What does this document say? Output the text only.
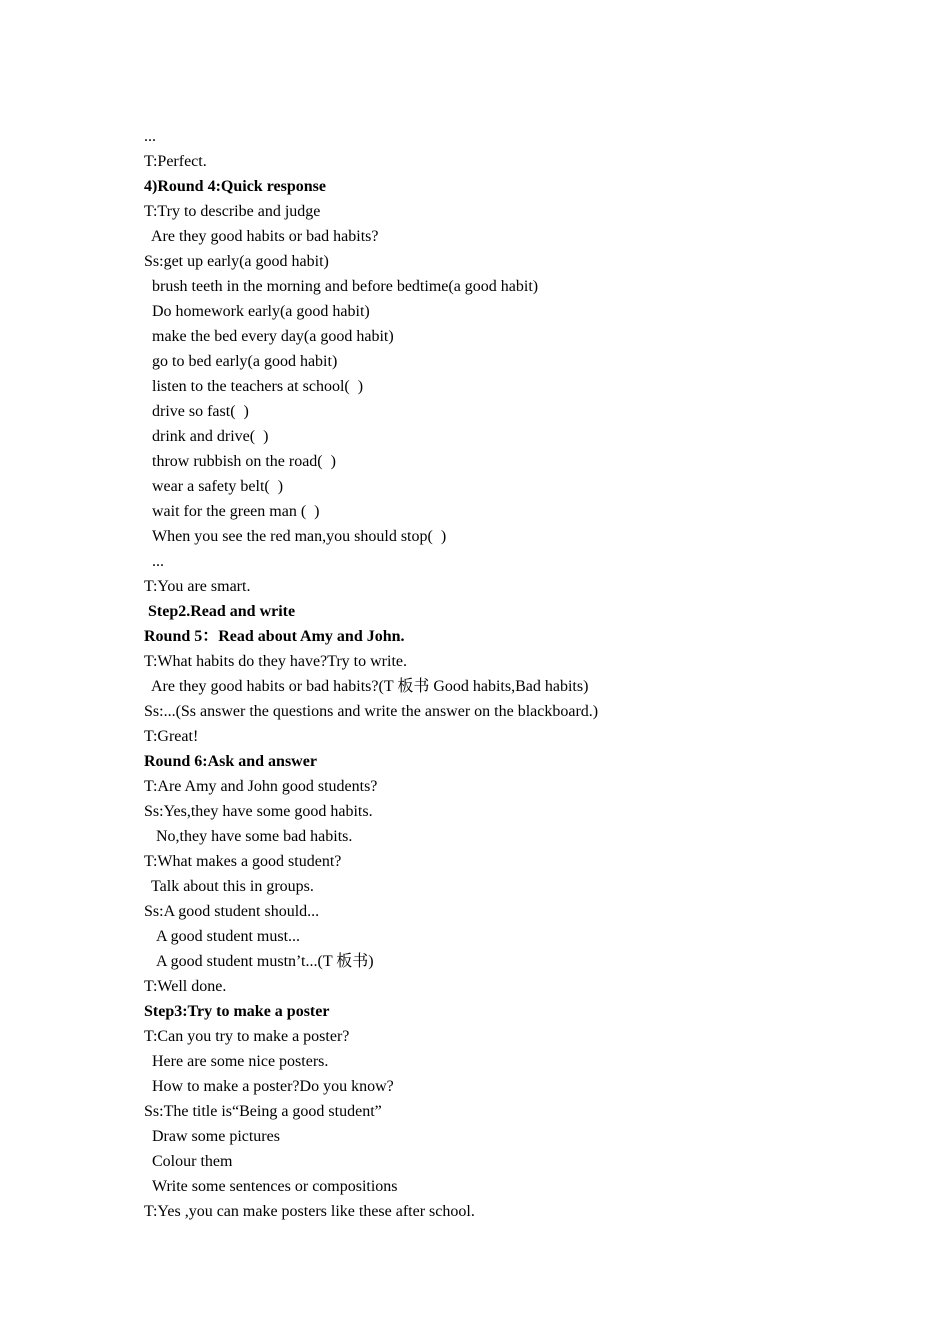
...
T:Perfect.
4)Round 4:Quick response
T:Try to describe and judge
Are they good habits or bad habits?
Ss:get up early(a good habit)
brush teeth in the morning and before bedtime(a good habit)
Do homework early(a good habit)
make the bed every day(a good habit)
go to bed early(a good habit)
listen to the teachers at school(  )
drive so fast(  )
drink and drive(  )
throw rubbish on the road(  )
wear a safety belt(  )
wait for the green man (  )
When you see the red man,you should stop(  )
...
T:You are smart.
Step2.Read and write
Round 5：Read about Amy and John.
T:What habits do they have?Try to write.
Are they good habits or bad habits?(T 板书 Good habits,Bad habits)
Ss:...(Ss answer the questions and write the answer on the blackboard.)
T:Great!
Round 6:Ask and answer
T:Are Amy and John good students?
Ss:Yes,they have some good habits.
No,they have some bad habits.
T:What makes a good student?
Talk about this in groups.
Ss:A good student should...
A good student must...
A good student mustn’t...(T 板书)
T:Well done.
Step3:Try to make a poster
T:Can you try to make a poster?
Here are some nice posters.
How to make a poster?Do you know?
Ss:The title is“Being a good student”
Draw some pictures
Colour them
Write some sentences or compositions
T:Yes ,you can make posters like these after school.
